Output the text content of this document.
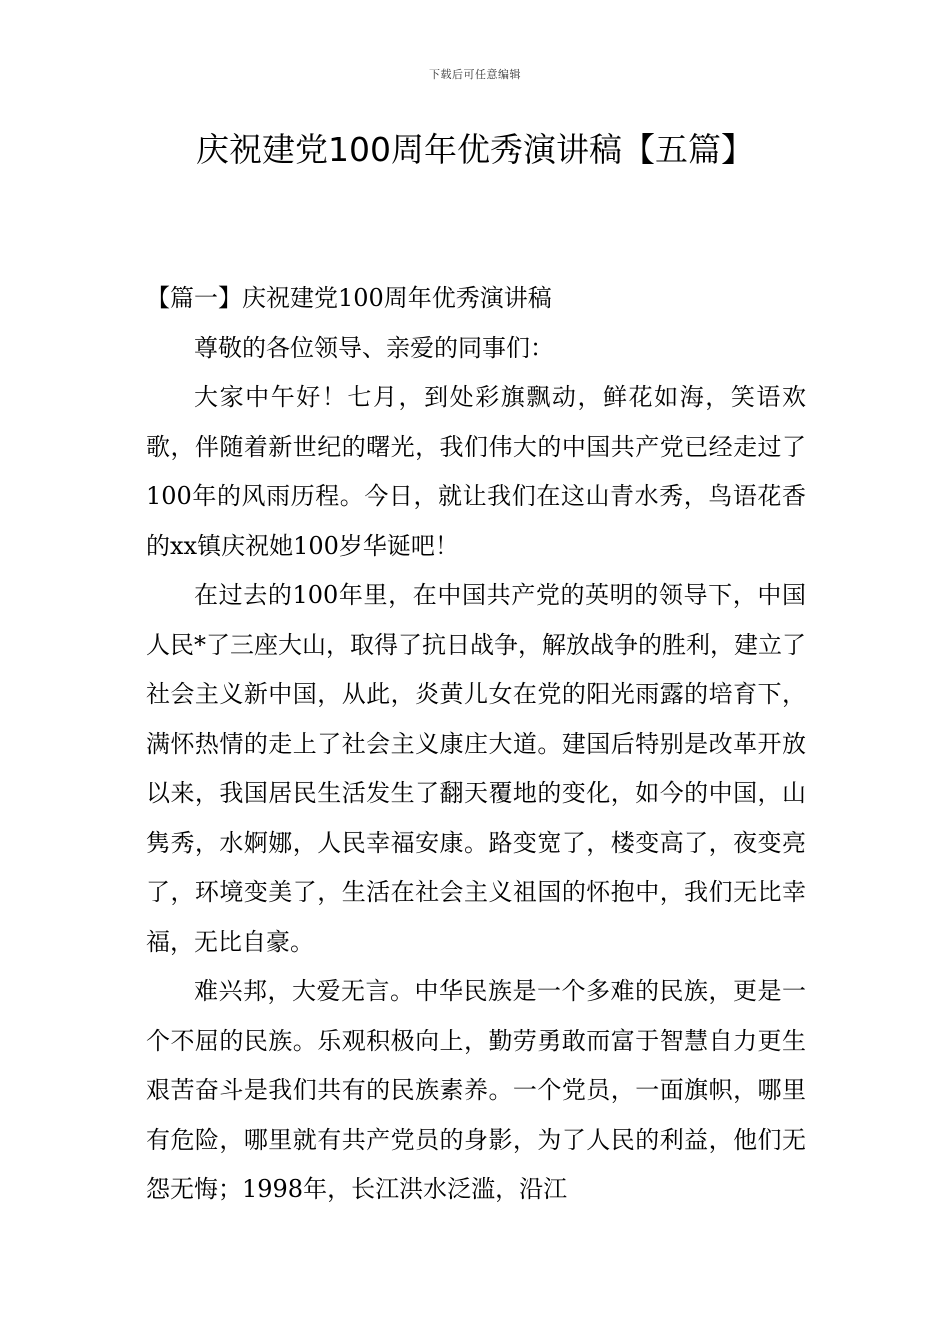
下载后可任意编辑
庆祝建党100周年优秀演讲稿【五篇】

【篇一】庆祝建党100周年优秀演讲稿

尊敬的各位领导、亲爱的同事们：

大家中午好！七月，到处彩旗飘动，鲜花如海，笑语欢歌，伴随着新世纪的曙光，我们伟大的中国共产党已经走过了100年的风雨历程。今日，就让我们在这山青水秀，鸟语花香的xx镇庆祝她100岁华诞吧！

在过去的100年里，在中国共产党的英明的领导下，中国人民*了三座大山，取得了抗日战争，解放战争的胜利，建立了社会主义新中国，从此，炎黄儿女在党的阳光雨露的培育下，满怀热情的走上了社会主义康庄大道。建国后特别是改革开放以来，我国居民生活发生了翻天覆地的变化，如今的中国，山隽秀，水婀娜，人民幸福安康。路变宽了，楼变高了，夜变亮了，环境变美了，生活在社会主义祖国的怀抱中，我们无比幸福，无比自豪。

难兴邦，大爱无言。中华民族是一个多难的民族，更是一个不屈的民族。乐观积极向上，勤劳勇敢而富于智慧自力更生艰苦奋斗是我们共有的民族素养。一个党员，一面旗帜，哪里有危险，哪里就有共产党员的身影，为了人民的利益，他们无怨无悔；1998年，长江洪水泛滥，沿江
